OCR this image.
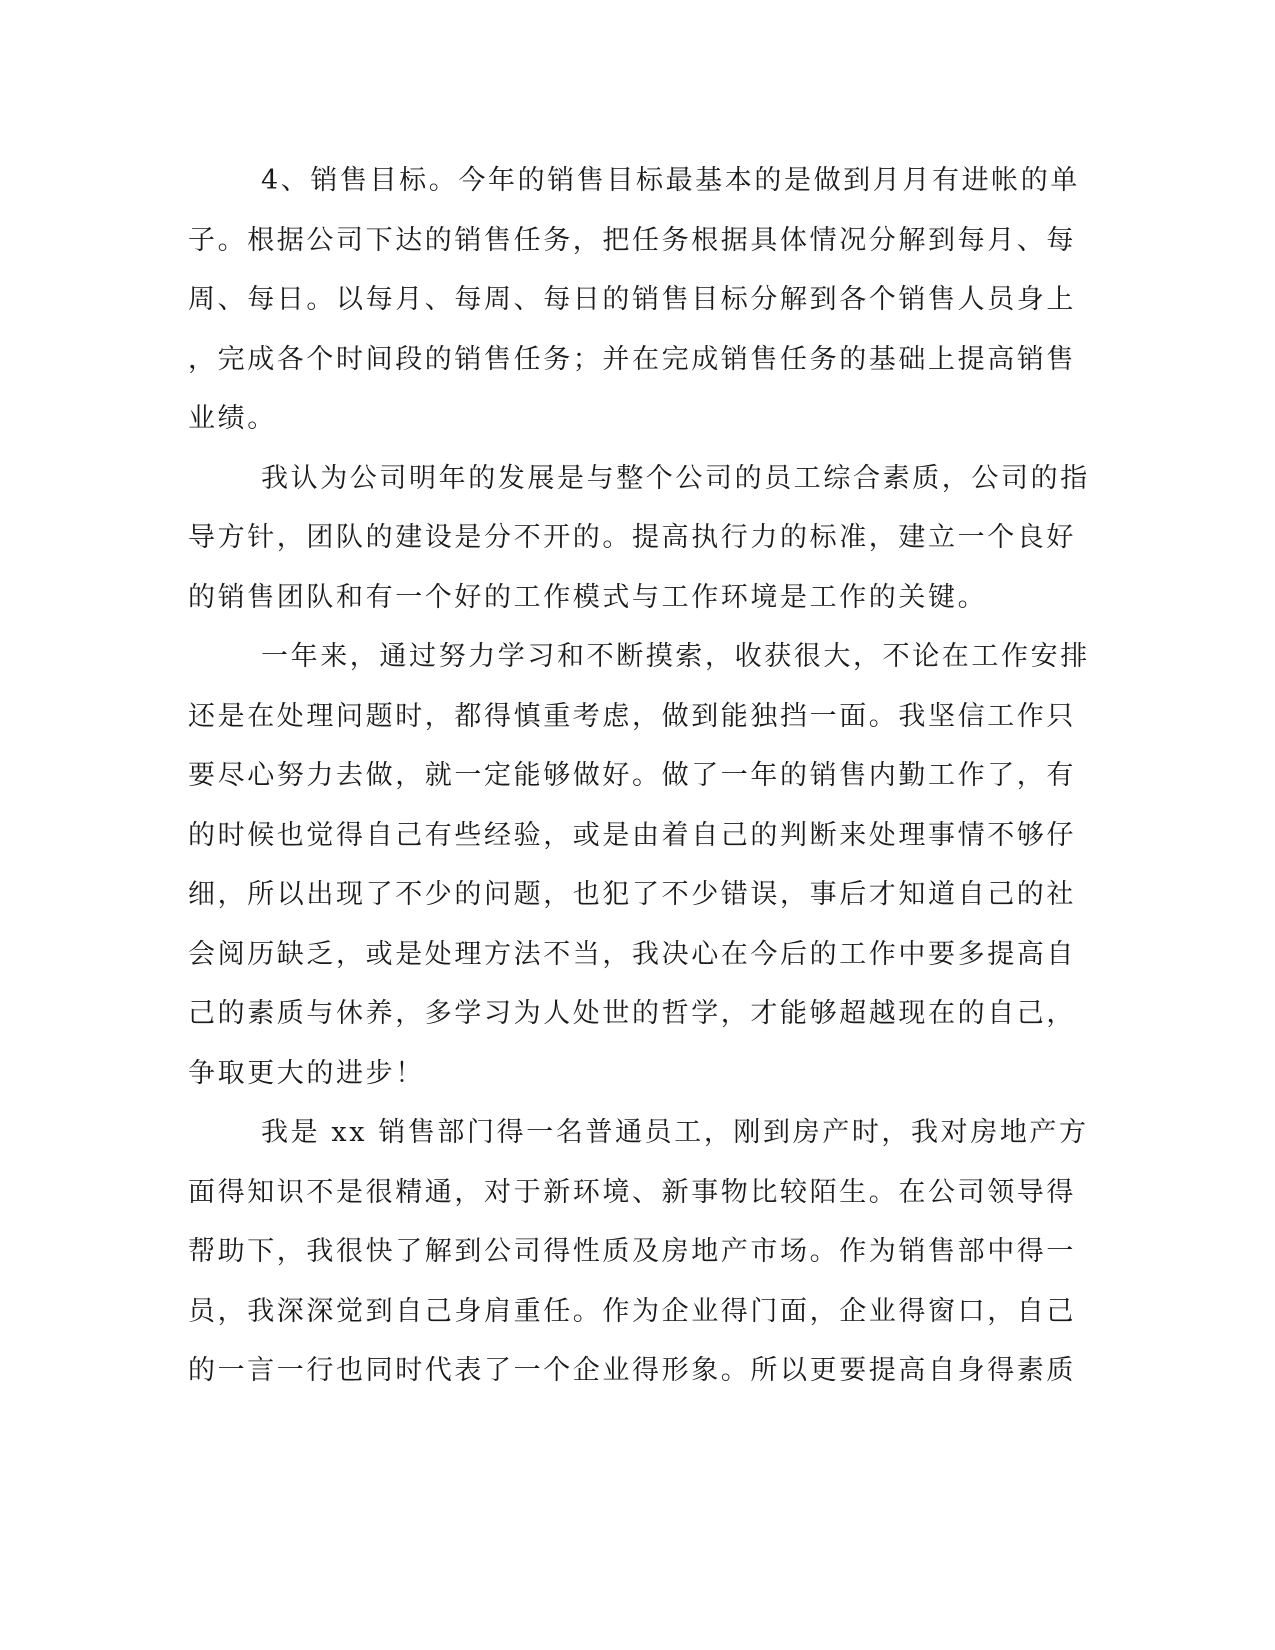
4、销售目标。今年的销售目标最基本的是做到月月有进帐的单
子。根据公司下达的销售任务，把任务根据具体情况分解到每月、每
周、每日。以每月、每周、每日的销售目标分解到各个销售人员身上
，完成各个时间段的销售任务；并在完成销售任务的基础上提高销售
业绩。
我认为公司明年的发展是与整个公司的员工综合素质，公司的指
导方针，团队的建设是分不开的。提高执行力的标准，建立一个良好
的销售团队和有一个好的工作模式与工作环境是工作的关键。
一年来，通过努力学习和不断摸索，收获很大，不论在工作安排
还是在处理问题时，都得慎重考虑，做到能独挡一面。我坚信工作只
要尽心努力去做，就一定能够做好。做了一年的销售内勤工作了，有
的时候也觉得自己有些经验，或是由着自己的判断来处理事情不够仔
细，所以出现了不少的问题，也犯了不少错误，事后才知道自己的社
会阅历缺乏，或是处理方法不当，我决心在今后的工作中要多提高自
己的素质与休养，多学习为人处世的哲学，才能够超越现在的自己，
争取更大的进步！
我是 xx 销售部门得一名普通员工，刚到房产时，我对房地产方
面得知识不是很精通，对于新环境、新事物比较陌生。在公司领导得
帮助下，我很快了解到公司得性质及房地产市场。作为销售部中得一
员，我深深觉到自己身肩重任。作为企业得门面，企业得窗口，自己
的一言一行也同时代表了一个企业得形象。所以更要提高自身得素质
